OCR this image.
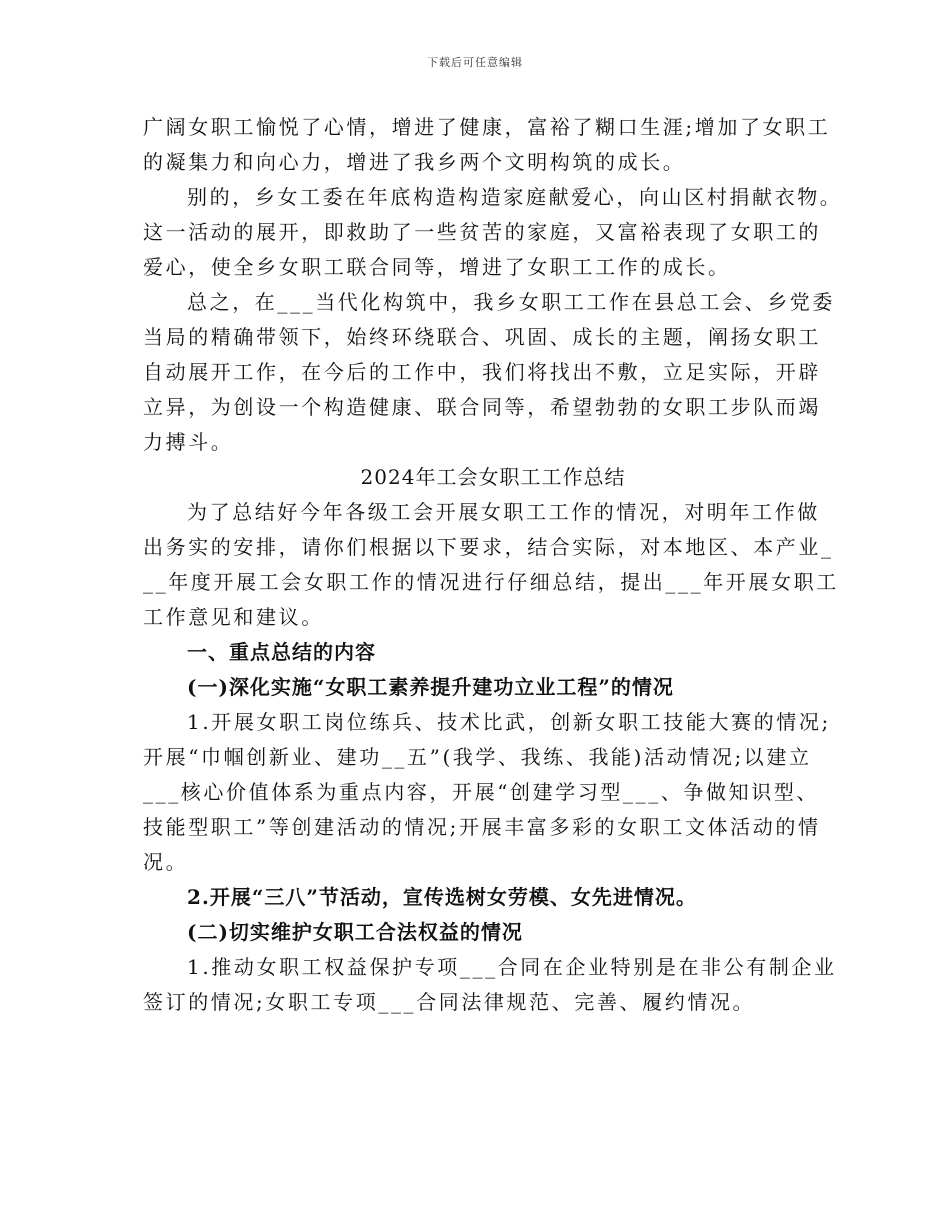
下载后可任意编辑
广阔女职工愉悦了心情，增进了健康，富裕了糊口生涯;增加了女职工
的凝集力和向心力，增进了我乡两个文明构筑的成长。
别的，乡女工委在年底构造构造家庭献爱心，向山区村捐献衣物。
这一活动的展开，即救助了一些贫苦的家庭，又富裕表现了女职工的
爱心，使全乡女职工联合同等，增进了女职工工作的成长。
总之，在___当代化构筑中，我乡女职工工作在县总工会、乡党委
当局的精确带领下，始终环绕联合、巩固、成长的主题，阐扬女职工
自动展开工作，在今后的工作中，我们将找出不敷，立足实际，开辟
立异，为创设一个构造健康、联合同等，希望勃勃的女职工步队而竭
力搏斗。
2024年工会女职工工作总结
为了总结好今年各级工会开展女职工工作的情况，对明年工作做
出务实的安排，请你们根据以下要求，结合实际，对本地区、本产业_
__年度开展工会女职工作的情况进行仔细总结，提出___年开展女职工
工作意见和建议。
一、重点总结的内容
(一)深化实施“女职工素养提升建功立业工程”的情况
1.开展女职工岗位练兵、技术比武，创新女职工技能大赛的情况;
开展“巾帼创新业、建功__五”(我学、我练、我能)活动情况;以建立
___核心价值体系为重点内容，开展“创建学习型___、争做知识型、
技能型职工”等创建活动的情况;开展丰富多彩的女职工文体活动的情
况。
2.开展“三八”节活动，宣传选树女劳模、女先进情况。
(二)切实维护女职工合法权益的情况
1.推动女职工权益保护专项___合同在企业特别是在非公有制企业
签订的情况;女职工专项___合同法律规范、完善、履约情况。
